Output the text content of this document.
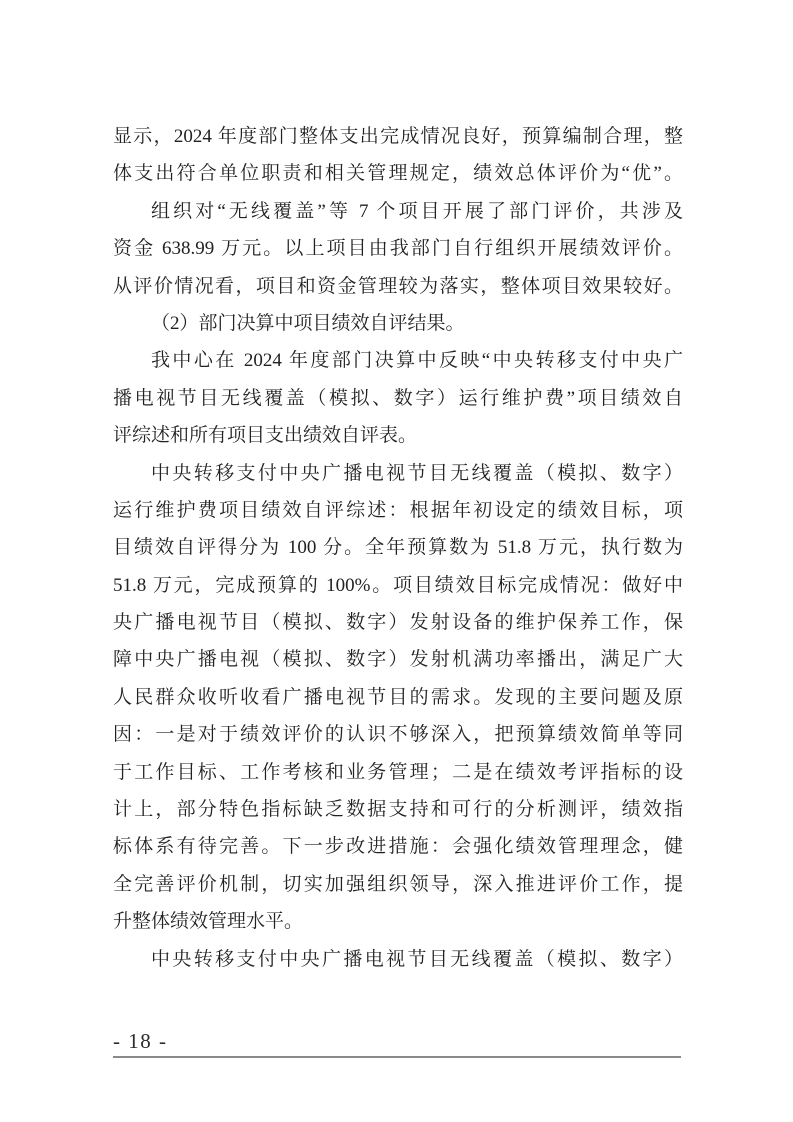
显示，2024 年度部门整体支出完成情况良好，预算编制合理，整
体支出符合单位职责和相关管理规定，绩效总体评价为“优”。
组织对“无线覆盖”等 7 个项目开展了部门评价，共涉及
资金 638.99 万元。以上项目由我部门自行组织开展绩效评价。
从评价情况看，项目和资金管理较为落实，整体项目效果较好。
（2）部门决算中项目绩效自评结果。
我中心在 2024 年度部门决算中反映“中央转移支付中央广
播电视节目无线覆盖（模拟、数字）运行维护费”项目绩效自
评综述和所有项目支出绩效自评表。
中央转移支付中央广播电视节目无线覆盖（模拟、数字）
运行维护费项目绩效自评综述：根据年初设定的绩效目标，项
目绩效自评得分为 100 分。全年预算数为 51.8 万元，执行数为
51.8 万元，完成预算的 100%。项目绩效目标完成情况：做好中
央广播电视节目（模拟、数字）发射设备的维护保养工作，保
障中央广播电视（模拟、数字）发射机满功率播出，满足广大
人民群众收听收看广播电视节目的需求。发现的主要问题及原
因：一是对于绩效评价的认识不够深入，把预算绩效简单等同
于工作目标、工作考核和业务管理；二是在绩效考评指标的设
计上，部分特色指标缺乏数据支持和可行的分析测评，绩效指
标体系有待完善。下一步改进措施：会强化绩效管理理念，健
全完善评价机制，切实加强组织领导，深入推进评价工作，提
升整体绩效管理水平。
中央转移支付中央广播电视节目无线覆盖（模拟、数字）
- 18 -
